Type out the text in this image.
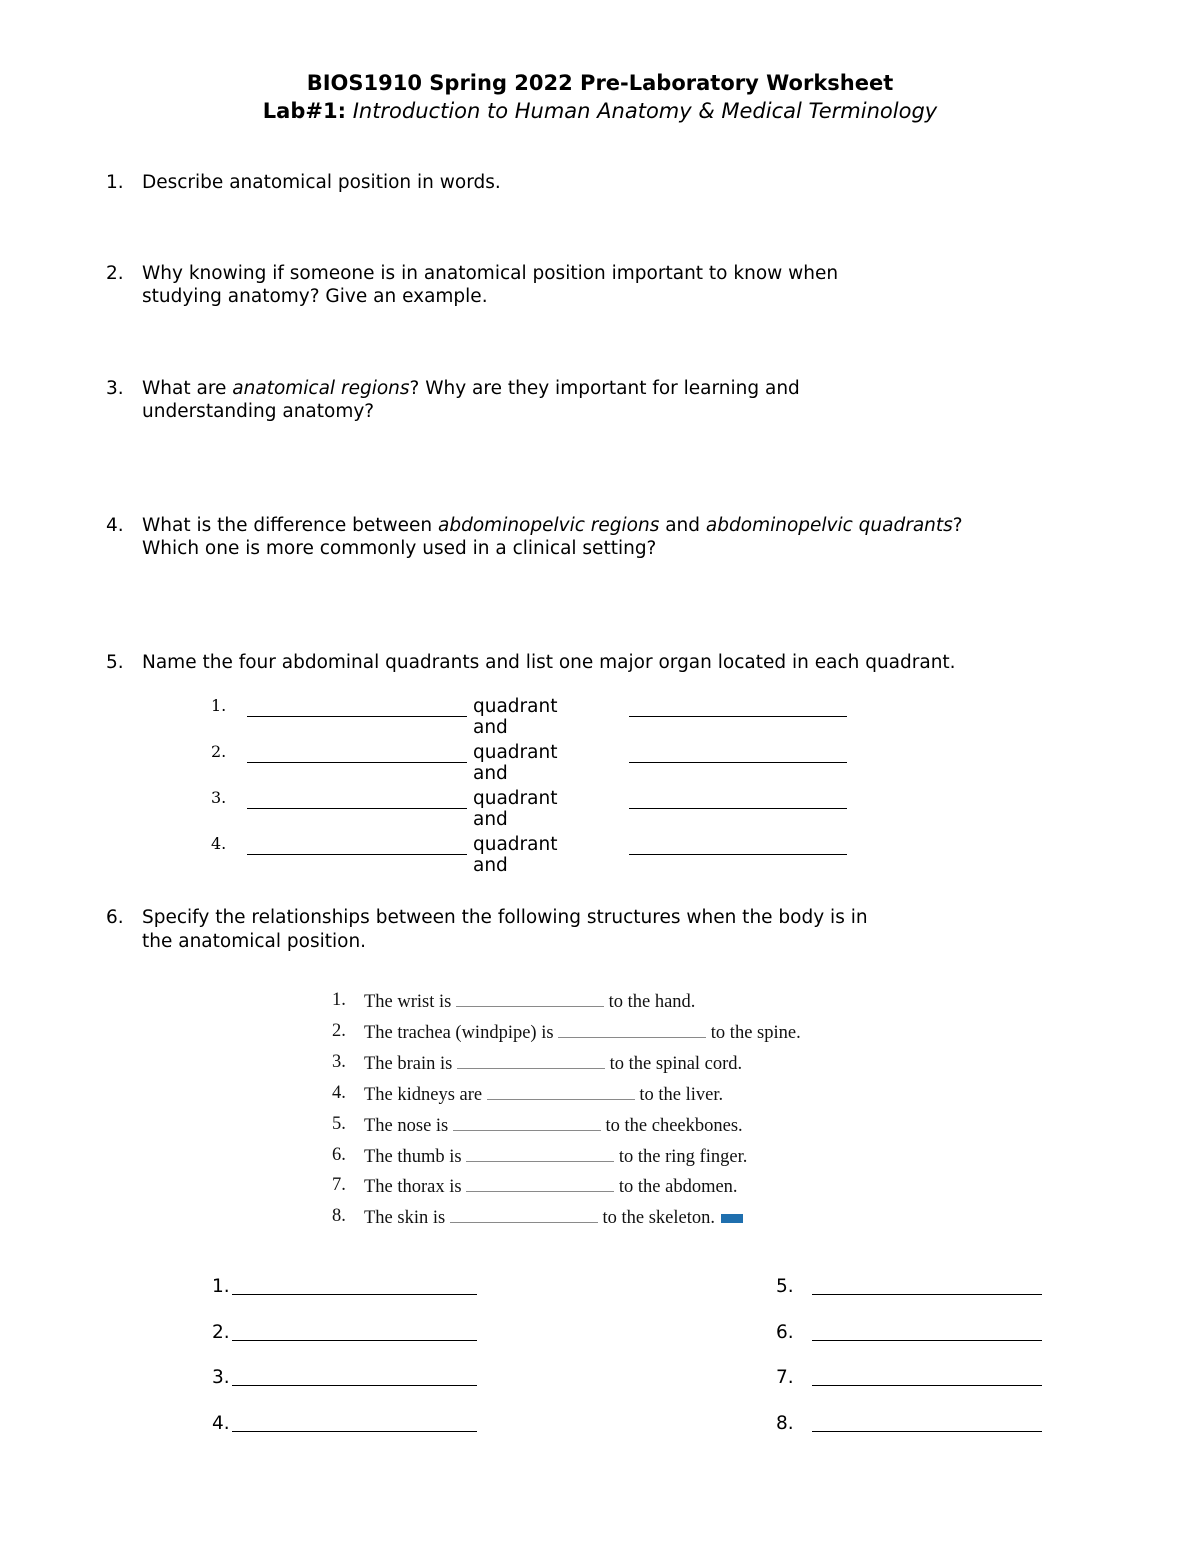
BIOS1910 Spring 2022 Pre-Laboratory Worksheet
Lab#1: Introduction to Human Anatomy & Medical Terminology
1. Describe anatomical position in words.
2. Why knowing if someone is in anatomical position important to know when
studying anatomy? Give an example.
3. What are anatomical regions? Why are they important for learning and
understanding anatomy?
4. What is the difference between abdominopelvic regions and abdominopelvic quadrants?
Which one is more commonly used in a clinical setting?
5. Name the four abdominal quadrants and list one major organ located in each quadrant.
1.	quadrant and
2.	quadrant and
3.	quadrant and
4.	quadrant and
6. Specify the relationships between the following structures when the body is in
the anatomical position.
1. The wrist is	to the hand.
2. The trachea (windpipe) is	to the spine.
3. The brain is	to the spinal cord.
4. The kidneys are	to the liver.
5. The nose is	to the cheekbones.
6. The thumb is	to the ring finger.
7. The thorax is	to the abdomen.
8. The skin is	to the skeleton.
1.
2.
3.
4.
5.
6.
7.
8.
